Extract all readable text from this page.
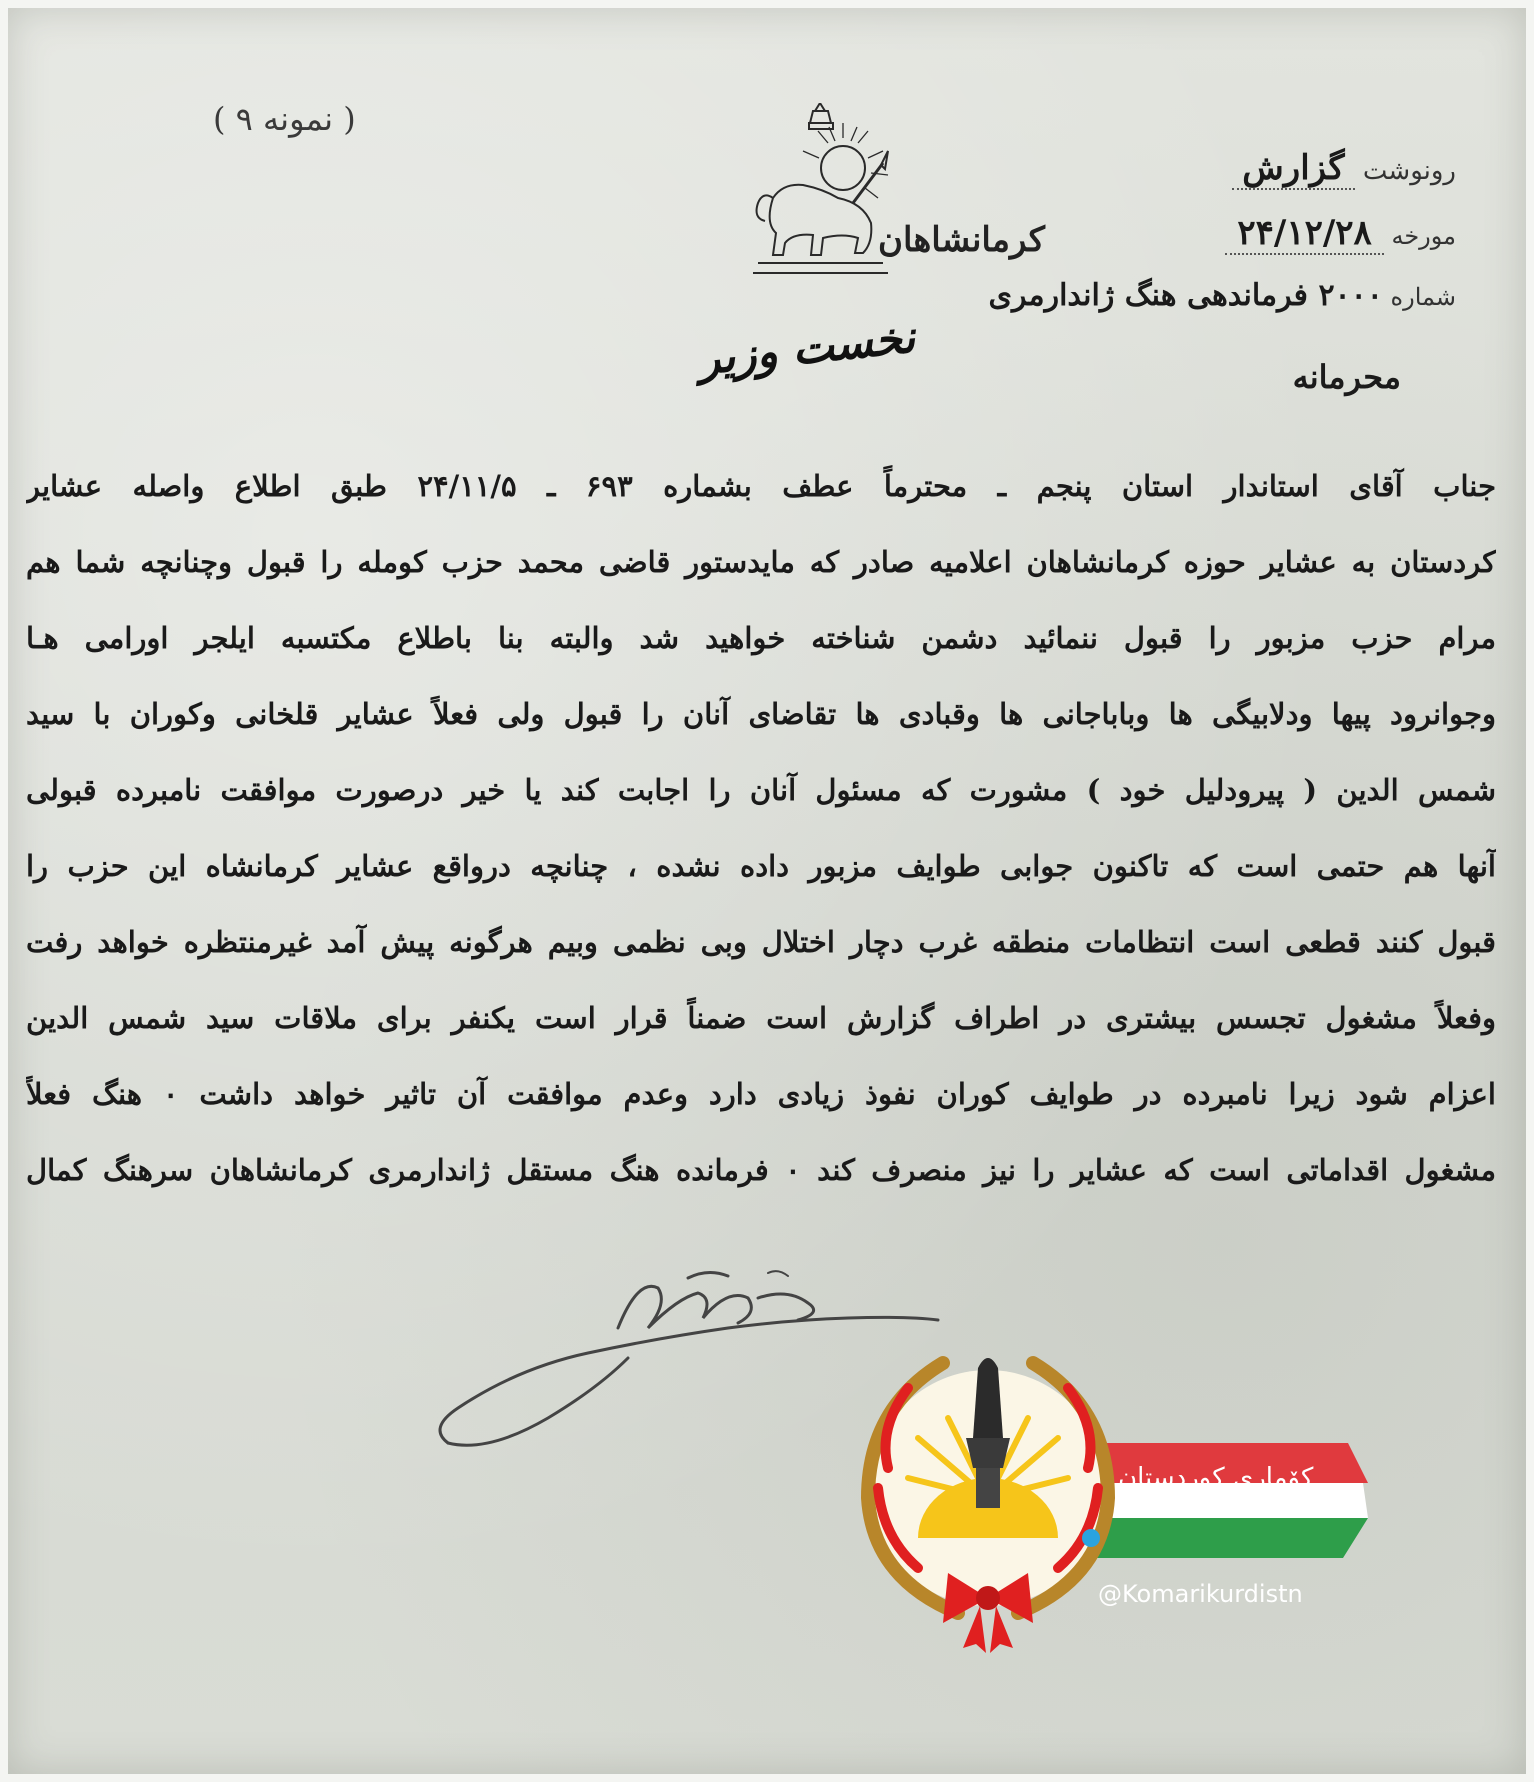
( نمونه ۹ )
کرمانشاهان
رونوشت گزارش
مورخه ۲۴/۱۲/۲۸
شماره ۲۰۰۰ فرماندهی هنگ ژاندارمری
نخست وزیر	محرمانه
جناب آقای استاندار استان پنجم ـ محترماً عطف بشماره ۶۹۳ ـ ۲۴/۱۱/۵ طبق اطلاع واصله عشایر
کردستان به عشایر حوزه کرمانشاهان اعلامیه صادر که مایدستور قاضی محمد حزب کومله را قبول وچنانچه شما هم
مرام حزب مزبور را قبول ننمائید دشمن شناخته خواهید شد والبته بنا باطلاع مکتسبه ایلجر اورامی هـا
وجوانرود پیها ودلابیگی ها وباباجانی ها وقبادی ها تقاضای آنان را قبول ولی فعلاً عشایر قلخانی وکوران با سید
شمس الدین ( پیرودلیل خود ) مشورت که مسئول آنان را اجابت کند یا خیر درصورت موافقت نامبرده قبولی
آنها هم حتمی است که تاکنون جوابی طوایف مزبور داده نشده ، چنانچه درواقع عشایر کرمانشاه این حزب را
قبول کنند قطعی است انتظامات منطقه غرب دچار اختلال وبی نظمی وبیم هرگونه پیش آمد غیرمنتظره خواهد رفت
وفعلاً مشغول تجسس بیشتری در اطراف گزارش است ضمناً قرار است یکنفر برای ملاقات سید شمس الدین
اعزام شود زیرا نامبرده در طوایف کوران نفوذ زیادی دارد وعدم موافقت آن تاثیر خواهد داشت ۰ هنگ فعلاً
مشغول اقداماتی است که عشایر را نیز منصرف کند ۰ فرمانده هنگ مستقل ژاندارمری کرمانشاهان سرهنگ کمال
كۆماری كوردستان
@Komarikurdistn
